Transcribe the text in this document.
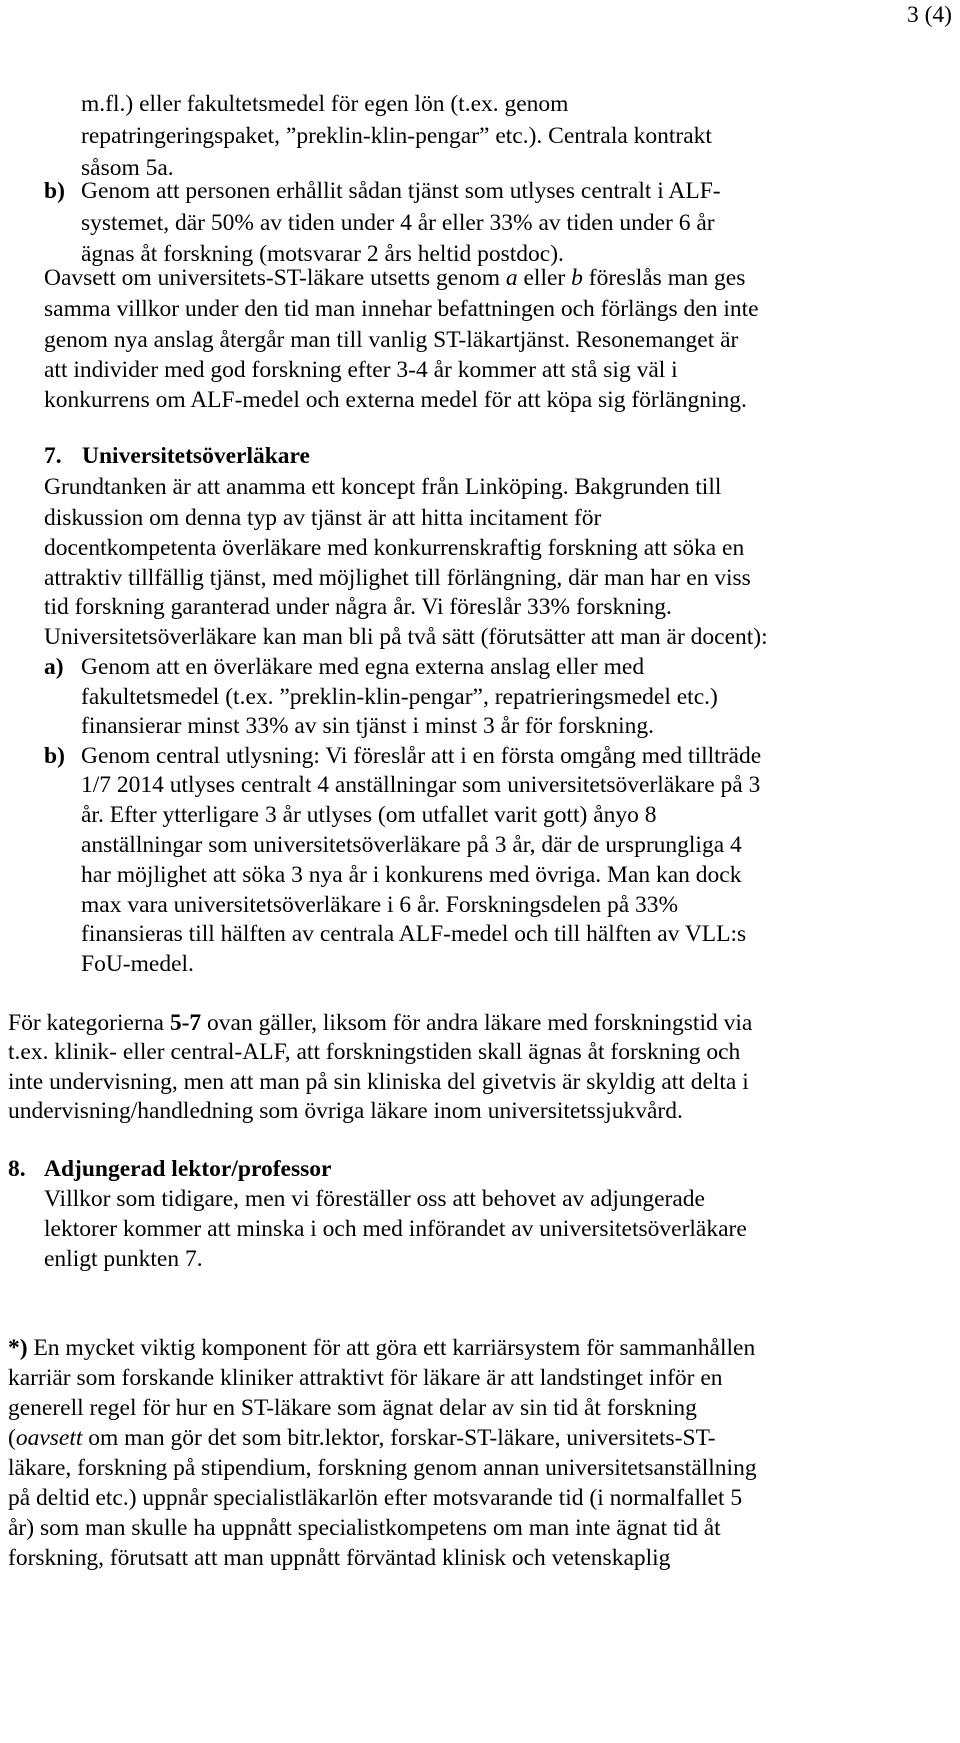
3 (4)
m.fl.) eller fakultetsmedel för egen lön (t.ex. genom
repatringeringspaket, ”preklin-klin-pengar” etc.). Centrala kontrakt
såsom 5a.
b) Genom att personen erhållit sådan tjänst som utlyses centralt i ALF-
systemet, där 50% av tiden under 4 år eller 33% av tiden under 6 år
ägnas åt forskning (motsvarar 2 års heltid postdoc).
Oavsett om universitets-ST-läkare utsetts genom a eller b föreslås man ges
samma villkor under den tid man innehar befattningen och förlängs den inte
genom nya anslag återgår man till vanlig ST-läkartjänst. Resonemanget är
att individer med god forskning efter 3-4 år kommer att stå sig väl i
konkurrens om ALF-medel och externa medel för att köpa sig förlängning.
7. Universitetsöverläkare
Grundtanken är att anamma ett koncept från Linköping. Bakgrunden till
diskussion om denna typ av tjänst är att hitta incitament för
docentkompetenta överläkare med konkurrenskraftig forskning att söka en
attraktiv tillfällig tjänst, med möjlighet till förlängning, där man har en viss
tid forskning garanterad under några år. Vi föreslår 33% forskning.
Universitetsöverläkare kan man bli på två sätt (förutsätter att man är docent):
a) Genom att en överläkare med egna externa anslag eller med
fakultetsmedel (t.ex. ”preklin-klin-pengar”, repatrieringsmedel etc.)
finansierar minst 33% av sin tjänst i minst 3 år för forskning.
b) Genom central utlysning: Vi föreslår att i en första omgång med tillträde
1/7 2014 utlyses centralt 4 anställningar som universitetsöverläkare på 3
år. Efter ytterligare 3 år utlyses (om utfallet varit gott) ånyo 8
anställningar som universitetsöverläkare på 3 år, där de ursprungliga 4
har möjlighet att söka 3 nya år i konkurens med övriga. Man kan dock
max vara universitetsöverläkare i 6 år. Forskningsdelen på 33%
finansieras till hälften av centrala ALF-medel och till hälften av VLL:s
FoU-medel.
För kategorierna 5-7 ovan gäller, liksom för andra läkare med forskningstid via
t.ex. klinik- eller central-ALF, att forskningstiden skall ägnas åt forskning och
inte undervisning, men att man på sin kliniska del givetvis är skyldig att delta i
undervisning/handledning som övriga läkare inom universitetssjukvård.
8. Adjungerad lektor/professor
Villkor som tidigare, men vi föreställer oss att behovet av adjungerade
lektorer kommer att minska i och med införandet av universitetsöverläkare
enligt punkten 7.
*) En mycket viktig komponent för att göra ett karriärsystem för sammanhållen
karriär som forskande kliniker attraktivt för läkare är att landstinget inför en
generell regel för hur en ST-läkare som ägnat delar av sin tid åt forskning
(oavsett om man gör det som bitr.lektor, forskar-ST-läkare, universitets-ST-
läkare, forskning på stipendium, forskning genom annan universitetsanställning
på deltid etc.) uppnår specialistläkarlön efter motsvarande tid (i normalfallet 5
år) som man skulle ha uppnått specialistkompetens om man inte ägnat tid åt
forskning, förutsatt att man uppnått förväntad klinisk och vetenskaplig
